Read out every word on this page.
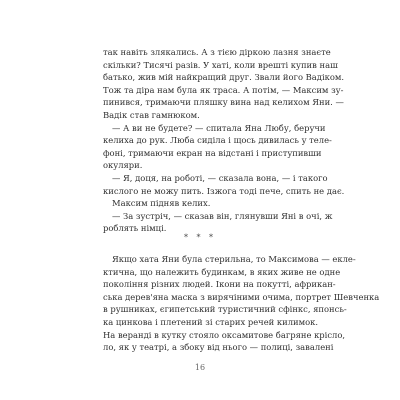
так навіть злякались. А з тією діркою лазня знаєте
скільки? Тисячі разів. У хаті, коли врешті купив наш
батько, жив мій найкращий друг. Звали його Вадіком.
Тож та діра нам була як траса. А потім, — Максим зу-
пинився, тримаючи пляшку вина над келихом Яни. —
Вадік став гамнюком.
— А ви не будете? — спитала Яна Любу, беручи
келиха до рук. Люба сиділа і щось дивилась у телe-
фоні, тримаючи екран на відстані і приступивши
окуляри.
— Я, доця, на роботі, — сказала вона, — і такого
кислого не можу пить. Ізжога тоді пече, спить не дає.
Максим підняв келих.
— За зустріч, — сказав він, глянувши Яні в очі, ж
роблять німці.
* * *
Якщо хата Яни була стерильна, то Максимова — екле-
ктична, що належить будинкам, в яких живе не одне
покоління різних людей. Ікони на покутті, африкан-
ська дерев'яна маска з вирячіними очима, портрет Шевченка
в рушниках, єгипетський туристичний сфінкс, японсь-
ка цинкова і плетений зі старих речей килимок.
На веранді в кутку стояло оксамитове багряне крісло,
ло, як у театрі, а збоку від нього — полиці, завалені
16
